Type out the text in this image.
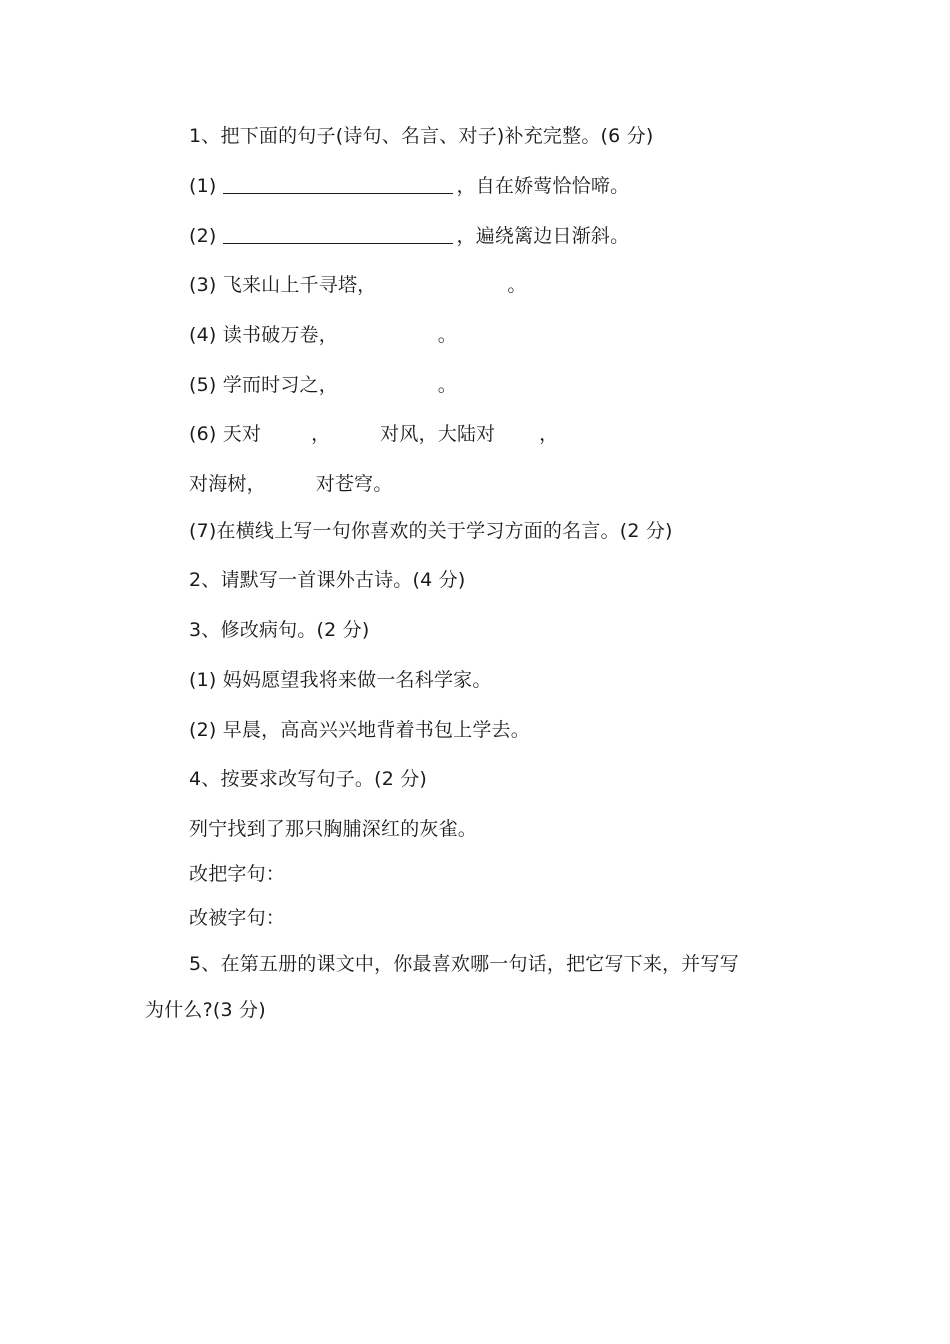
1、把下面的句子(诗句、名言、对子)补充完整。(6 分)
(1)	，自在娇莺恰恰啼。
(2)	，遍绕篱边日渐斜。
(3) 飞来山上千寻塔，                     。
(4) 读书破万卷，                。
(5) 学而时习之，                。
(6) 天对        ，        对风，大陆对       ，
对海树，        对苍穹。
(7)在横线上写一句你喜欢的关于学习方面的名言。(2 分)
2、请默写一首课外古诗。(4 分)
3、修改病句。(2 分)
(1) 妈妈愿望我将来做一名科学家。
(2) 早晨，高高兴兴地背着书包上学去。
4、按要求改写句子。(2 分)
列宁找到了那只胸脯深红的灰雀。
改把字句：
改被字句：
5、在第五册的课文中，你最喜欢哪一句话，把它写下来，并写写
为什么?(3 分)
